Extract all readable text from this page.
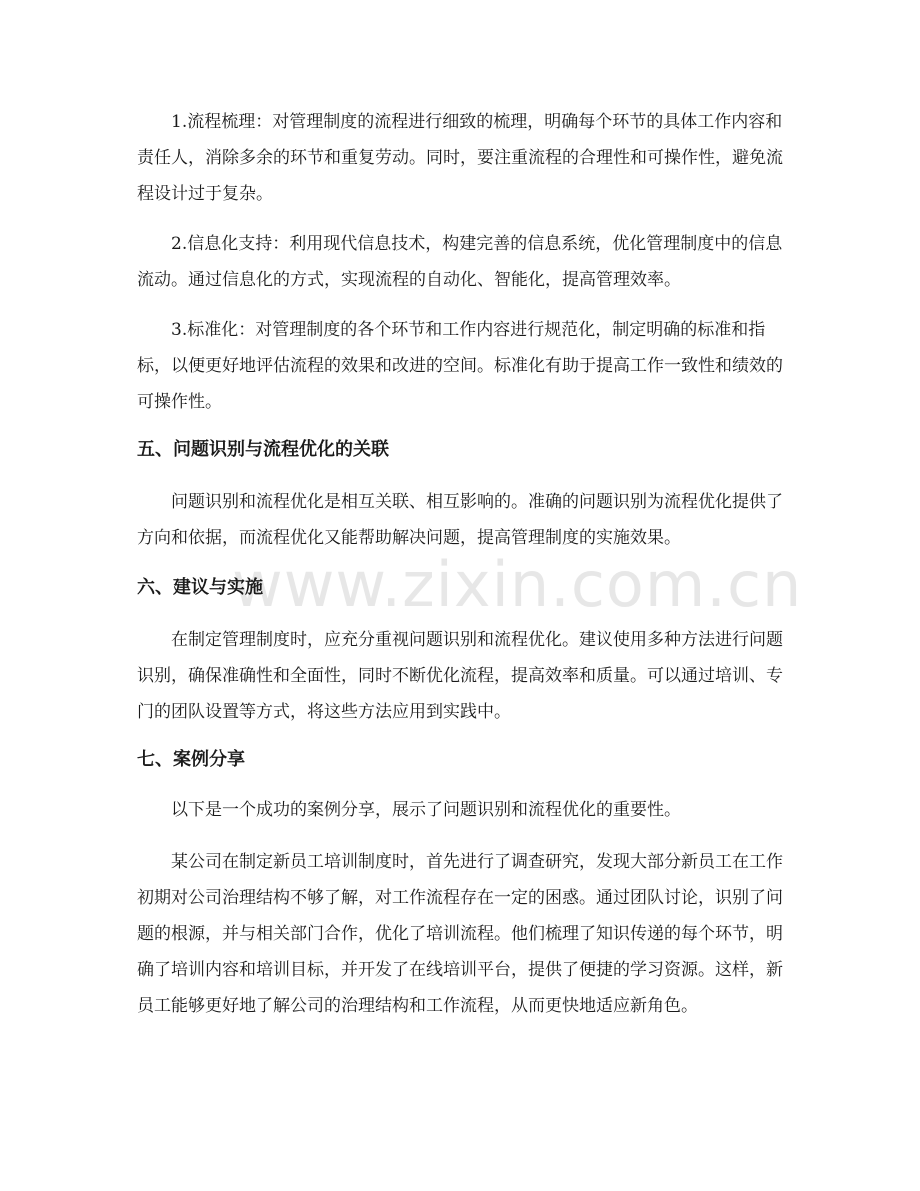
www.zixin.com.cn

1.流程梳理：对管理制度的流程进行细致的梳理，明确每个环节的具体工作内容和责任人，消除多余的环节和重复劳动。同时，要注重流程的合理性和可操作性，避免流程设计过于复杂。

2.信息化支持：利用现代信息技术，构建完善的信息系统，优化管理制度中的信息流动。通过信息化的方式，实现流程的自动化、智能化，提高管理效率。

3.标准化：对管理制度的各个环节和工作内容进行规范化，制定明确的标准和指标，以便更好地评估流程的效果和改进的空间。标准化有助于提高工作一致性和绩效的可操作性。

五、问题识别与流程优化的关联

问题识别和流程优化是相互关联、相互影响的。准确的问题识别为流程优化提供了方向和依据，而流程优化又能帮助解决问题，提高管理制度的实施效果。

六、建议与实施

在制定管理制度时，应充分重视问题识别和流程优化。建议使用多种方法进行问题识别，确保准确性和全面性，同时不断优化流程，提高效率和质量。可以通过培训、专门的团队设置等方式，将这些方法应用到实践中。

七、案例分享

以下是一个成功的案例分享，展示了问题识别和流程优化的重要性。

某公司在制定新员工培训制度时，首先进行了调查研究，发现大部分新员工在工作初期对公司治理结构不够了解，对工作流程存在一定的困惑。通过团队讨论，识别了问题的根源，并与相关部门合作，优化了培训流程。他们梳理了知识传递的每个环节，明确了培训内容和培训目标，并开发了在线培训平台，提供了便捷的学习资源。这样，新员工能够更好地了解公司的治理结构和工作流程，从而更快地适应新角色。
